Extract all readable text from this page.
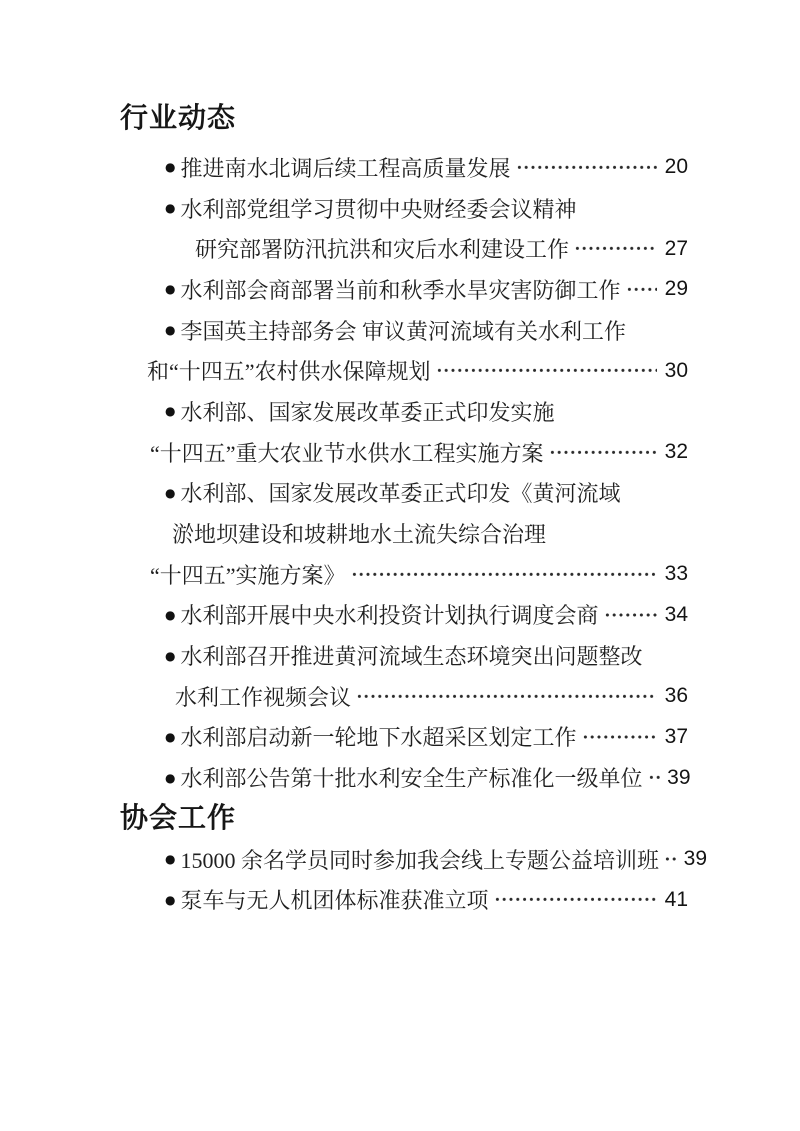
行业动态
● 推进南水北调后续工程高质量发展	20
● 水利部党组学习贯彻中央财经委会议精神
研究部署防汛抗洪和灾后水利建设工作	27
● 水利部会商部署当前和秋季水旱灾害防御工作 29
● 李国英主持部务会 审议黄河流域有关水利工作
和“十四五”农村供水保障规划	30
● 水利部、国家发展改革委正式印发实施
“十四五”重大农业节水供水工程实施方案	32
● 水利部、国家发展改革委正式印发《黄河流域
淤地坝建设和坡耕地水土流失综合治理
“十四五”实施方案》	33
● 水利部开展中央水利投资计划执行调度会商	34
● 水利部召开推进黄河流域生态环境突出问题整改
水利工作视频会议	36
● 水利部启动新一轮地下水超采区划定工作	37
● 水利部公告第十批水利安全生产标准化一级单位 39
协会工作
● 15000 余名学员同时参加我会线上专题公益培训班 39
● 泵车与无人机团体标准获准立项	41
